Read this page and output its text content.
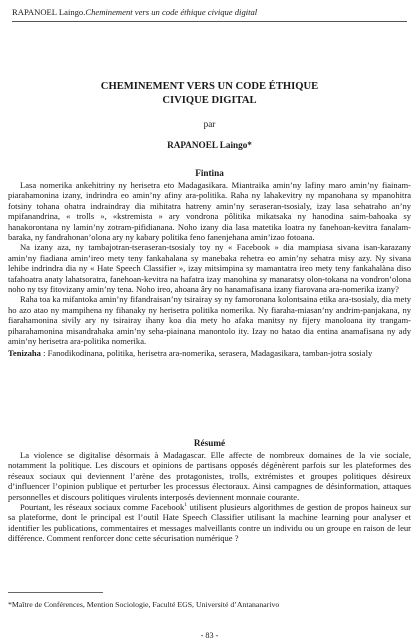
RAPANOEL Laingo.Cheminement vers un code éthique civique digital
CHEMINEMENT VERS UN CODE ÉTHIQUE
CIVIQUE DIGITAL
par
RAPANOEL Laingo*
Fintina

Lasa nomerika ankehitriny ny herisetra eto Madagasikara. Miantraika amin’ny lafiny maro amin’ny fiainam-piarahamonina izany, indrindra eo amin’ny afiny ara-politika. Raha ny lahakevitry ny mpanohana sy mpanohitra fotsiny tohana ohatra indraindray dia mihitatra hatreny amin’ny seraseran-tsosialy, izay lasa sehatraho an’ny mpifanandrina, « trolls », «kstremista » ary vondrona pôlitika mikatsaka ny hanodina saim-bahoaka sy hanakorontana ny lamin’ny zotram-pifidianana. Noho izany dia lasa matetika loatra ny fanehoan-kevitra fanalam-baraka, ny fandrahonan’olona ary ny kabary politika feno fanenjehana amin’izao fotoana.

Na izany aza, ny tambajotran-tseraseran-tsosialy toy ny « Facebook » dia mampiasa sivana isan-karazany amin’ny fiadiana amin’ireo mety teny fankahalana sy manebaka rehetra eo amin’ny sehatra misy azy. Ny sivana lehibe indrindra dia ny « Hate Speech Classifier », izay mitsimpina sy mamantatra ireo mety teny fankahalàna diso tafahoatra anaty lahatsoratra, fanehoan-kevitra na hafatra izay manohina sy manaratsy olon-tokana na vondron’olona noho ny tsy fitovizany amin’ny tena. Noho ireo, ahoana âry no hanamafisana izany fiarovana ara-nomerika izany?

Raha toa ka mifantoka amin’ny fifandraisan’ny tsirairay sy ny famoronana kolontsaina etika ara-tsosialy, dia mety ho azo atao ny mampihena ny fihanaky ny herisetra politika nomerika. Ny fiaraha-miasan’ny andrim-panjakana, ny fiarahamonina sivily ary ny tsirairay ihany koa dia mety ho afaka manitsy ny fijery manoloana ity trangam-piharahamonina misandrahaka amin’ny seha-piainana manontolo ity. Izay no hatao dia entina anamafisana ny ady amin’ny herisetra ara-politika nomerika.

Tenizaha : Fanodikodinana, politika, herisetra ara-nomerika, serasera, Madagasikara, tamban-jotra sosialy

Résumé

La violence se digitalise désormais à Madagascar. Elle affecte de nombreux domaines de la vie sociale, notamment la politique. Les discours et opinions de partisans opposés dégénèrent parfois sur les plateformes des réseaux sociaux qui deviennent l’arène des protagonistes, trolls, extrémistes et groupes politiques désireux d’influencer l’opinion publique et perturber les processus électoraux. Ainsi campagnes de désinformation, attaques personnelles et discours politiques virulents interposés deviennent monnaie courante.

Pourtant, les réseaux sociaux comme Facebook$^1$ utilisent plusieurs algorithmes de gestion de propos haineux sur sa plateforme, dont le principal est l’outil Hate Speech Classifier utilisant la machine learning pour analyser et identifier les publications, commentaires et messages malveillants contre un individu ou un groupe en raison de leur différence. Comment renforcer donc cette sécurisation numérique ?

*Maître de Conférences, Mention Sociologie, Faculté EGS, Université d’Antananarivo
- 83 -
